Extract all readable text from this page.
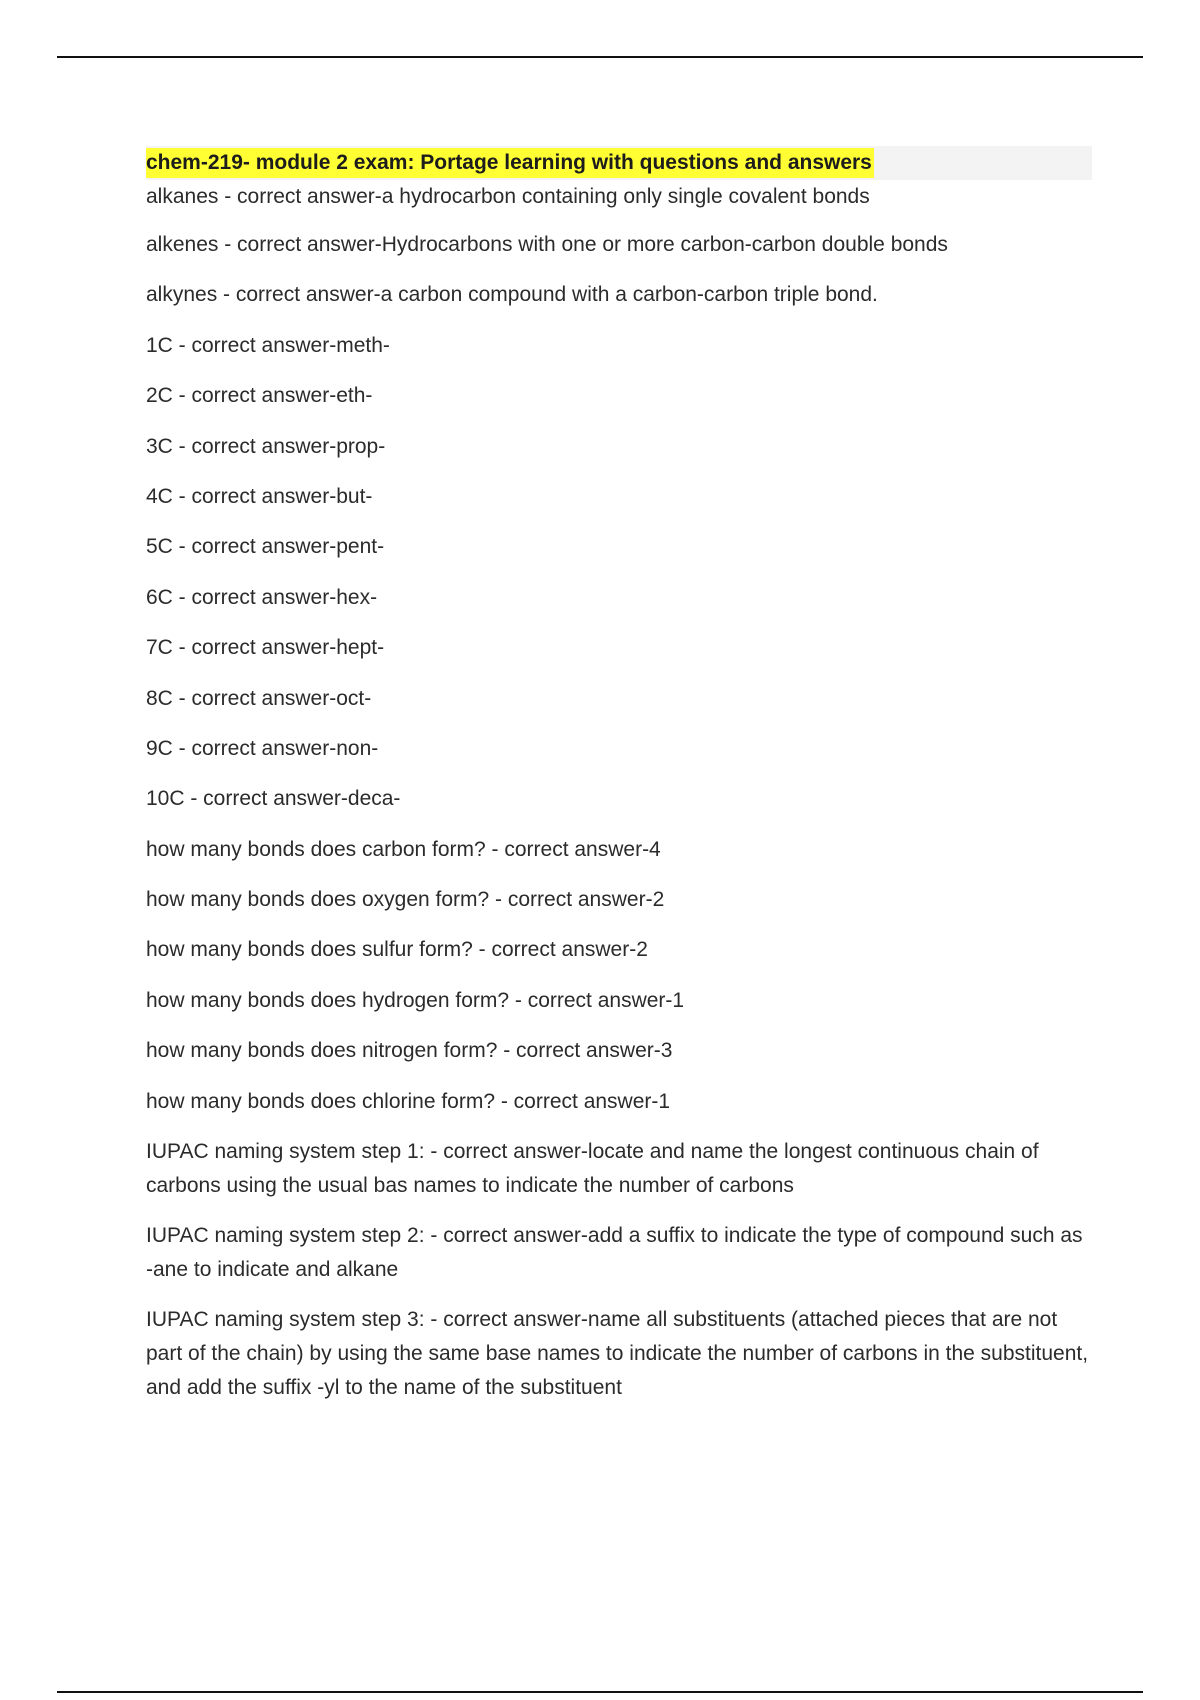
chem-219- module 2 exam: Portage learning with questions and answers
alkanes - correct answer-a hydrocarbon containing only single covalent bonds
alkenes - correct answer-Hydrocarbons with one or more carbon-carbon double bonds
alkynes - correct answer-a carbon compound with a carbon-carbon triple bond.
1C - correct answer-meth-
2C - correct answer-eth-
3C - correct answer-prop-
4C - correct answer-but-
5C - correct answer-pent-
6C - correct answer-hex-
7C - correct answer-hept-
8C - correct answer-oct-
9C - correct answer-non-
10C - correct answer-deca-
how many bonds does carbon form? - correct answer-4
how many bonds does oxygen form? - correct answer-2
how many bonds does sulfur form? - correct answer-2
how many bonds does hydrogen form? - correct answer-1
how many bonds does nitrogen form? - correct answer-3
how many bonds does chlorine form? - correct answer-1
IUPAC naming system step 1: - correct answer-locate and name the longest continuous chain of carbons using the usual bas names to indicate the number of carbons
IUPAC naming system step 2: - correct answer-add a suffix to indicate the type of compound such as -ane to indicate and alkane
IUPAC naming system step 3: - correct answer-name all substituents (attached pieces that are not part of the chain) by using the same base names to indicate the number of carbons in the substituent, and add the suffix -yl to the name of the substituent
